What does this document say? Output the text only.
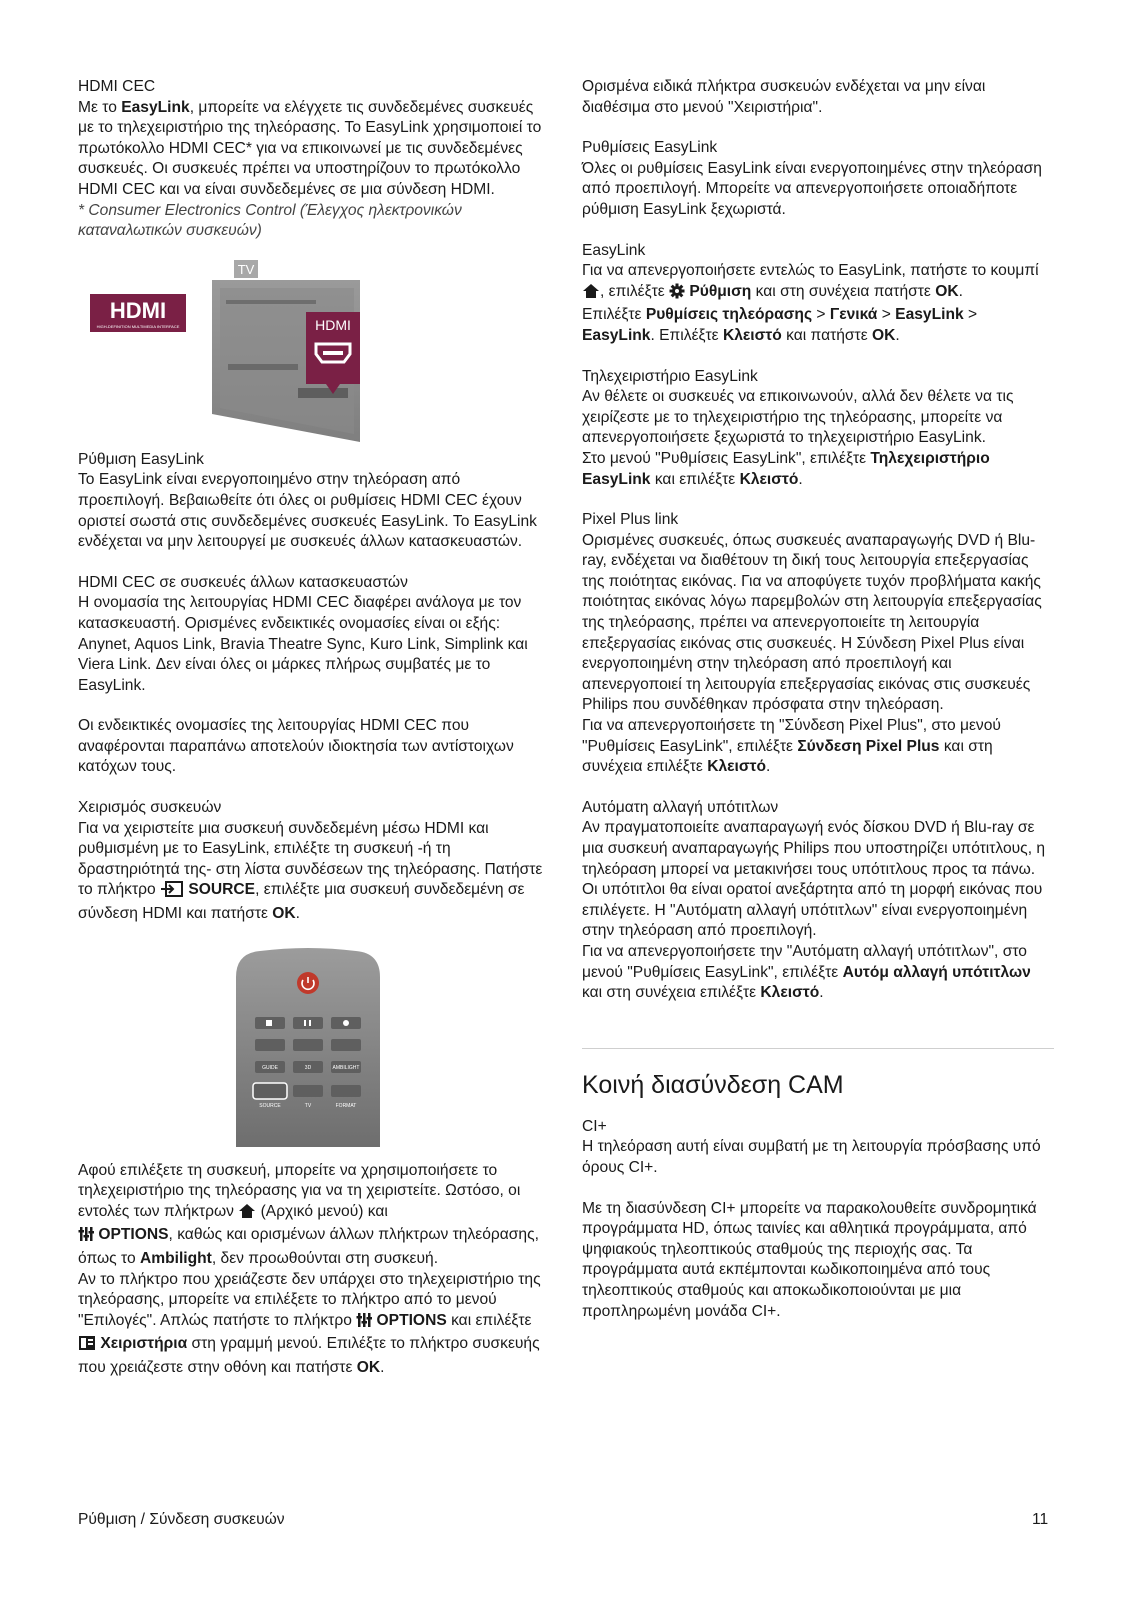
HDMI CEC

Με το EasyLink, μπορείτε να ελέγχετε τις συνδεδεμένες συσκευές με το τηλεχειριστήριο της τηλεόρασης. Το EasyLink χρησιμοποιεί το πρωτόκολλο HDMI CEC* για να επικοινωνεί με τις συνδεδεμένες συσκευές. Οι συσκευές πρέπει να υποστηρίζουν το πρωτόκολλο HDMI CEC και να είναι συνδεδεμένες σε μια σύνδεση HDMI.

* Consumer Electronics Control (Έλεγχος ηλεκτρονικών καταναλωτικών συσκευών)

HDMI
HIGH-DEFINITION MULTIMEDIA INTERFACE
TV
HDMI

Ρύθμιση EasyLink

Το EasyLink είναι ενεργοποιημένο στην τηλεόραση από προεπιλογή. Βεβαιωθείτε ότι όλες οι ρυθμίσεις HDMI CEC έχουν οριστεί σωστά στις συνδεδεμένες συσκευές EasyLink. Το EasyLink ενδέχεται να μην λειτουργεί με συσκευές άλλων κατασκευαστών.

HDMI CEC σε συσκευές άλλων κατασκευαστών

Η ονομασία της λειτουργίας HDMI CEC διαφέρει ανάλογα με τον κατασκευαστή. Ορισμένες ενδεικτικές ονομασίες είναι οι εξής: Anynet, Aquos Link, Bravia Theatre Sync, Kuro Link, Simplink και Viera Link. Δεν είναι όλες οι μάρκες πλήρως συμβατές με το EasyLink.

Οι ενδεικτικές ονομασίες της λειτουργίας HDMI CEC που αναφέρονται παραπάνω αποτελούν ιδιοκτησία των αντίστοιχων κατόχων τους.

Χειρισμός συσκευών

Για να χειριστείτε μια συσκευή συνδεδεμένη μέσω HDMI και ρυθμισμένη με το EasyLink, επιλέξτε τη συσκευή -ή τη δραστηριότητά της- στη λίστα συνδέσεων της τηλεόρασης. Πατήστε το πλήκτρο  SOURCE, επιλέξτε μια συσκευή συνδεδεμένη σε σύνδεση HDMI και πατήστε OK.

GUIDE	3D	AMBILIGHT
SOURCE	TV	FORMAT

Αφού επιλέξετε τη συσκευή, μπορείτε να χρησιμοποιήσετε το τηλεχειριστήριο της τηλεόρασης για να τη χειριστείτε. Ωστόσο, οι εντολές των πλήκτρων  (Αρχικό μενού) και
OPTIONS, καθώς και ορισμένων άλλων πλήκτρων τηλεόρασης, όπως το Ambilight, δεν προωθούνται στη συσκευή.

Αν το πλήκτρο που χρειάζεστε δεν υπάρχει στο τηλεχειριστήριο της τηλεόρασης, μπορείτε να επιλέξετε το πλήκτρο από το μενού "Επιλογές". Απλώς πατήστε το πλήκτρο  OPTIONS και επιλέξτε  Χειριστήρια στη γραμμή μενού. Επιλέξτε το πλήκτρο συσκευής που χρειάζεστε στην οθόνη και πατήστε OK.

Ορισμένα ειδικά πλήκτρα συσκευών ενδέχεται να μην είναι διαθέσιμα στο μενού "Χειριστήρια".

Ρυθμίσεις EasyLink

Όλες οι ρυθμίσεις EasyLink είναι ενεργοποιημένες στην τηλεόραση από προεπιλογή. Μπορείτε να απενεργοποιήσετε οποιαδήποτε ρύθμιση EasyLink ξεχωριστά.

EasyLink

Για να απενεργοποιήσετε εντελώς το EasyLink, πατήστε το κουμπί , επιλέξτε  Ρύθμιση και στη συνέχεια πατήστε OK.

Επιλέξτε Ρυθμίσεις τηλεόρασης > Γενικά > EasyLink > EasyLink. Επιλέξτε Κλειστό και πατήστε OK.

Τηλεχειριστήριο EasyLink

Αν θέλετε οι συσκευές να επικοινωνούν, αλλά δεν θέλετε να τις χειρίζεστε με το τηλεχειριστήριο της τηλεόρασης, μπορείτε να απενεργοποιήσετε ξεχωριστά το τηλεχειριστήριο EasyLink.

Στο μενού "Ρυθμίσεις EasyLink", επιλέξτε Τηλεχειριστήριο EasyLink και επιλέξτε Κλειστό.

Pixel Plus link

Ορισμένες συσκευές, όπως συσκευές αναπαραγωγής DVD ή Blu-ray, ενδέχεται να διαθέτουν τη δική τους λειτουργία επεξεργασίας της ποιότητας εικόνας. Για να αποφύγετε τυχόν προβλήματα κακής ποιότητας εικόνας λόγω παρεμβολών στη λειτουργία επεξεργασίας της τηλεόρασης, πρέπει να απενεργοποιείτε τη λειτουργία επεξεργασίας εικόνας στις συσκευές. Η Σύνδεση Pixel Plus είναι ενεργοποιημένη στην τηλεόραση από προεπιλογή και απενεργοποιεί τη λειτουργία επεξεργασίας εικόνας στις συσκευές Philips που συνδέθηκαν πρόσφατα στην τηλεόραση.

Για να απενεργοποιήσετε τη "Σύνδεση Pixel Plus", στο μενού "Ρυθμίσεις EasyLink", επιλέξτε Σύνδεση Pixel Plus και στη συνέχεια επιλέξτε Κλειστό.

Αυτόματη αλλαγή υπότιτλων

Αν πραγματοποιείτε αναπαραγωγή ενός δίσκου DVD ή Blu-ray σε μια συσκευή αναπαραγωγής Philips που υποστηρίζει υπότιτλους, η τηλεόραση μπορεί να μετακινήσει τους υπότιτλους προς τα πάνω. Οι υπότιτλοι θα είναι ορατοί ανεξάρτητα από τη μορφή εικόνας που επιλέγετε. Η "Αυτόματη αλλαγή υπότιτλων" είναι ενεργοποιημένη στην τηλεόραση από προεπιλογή.

Για να απενεργοποιήσετε την "Αυτόματη αλλαγή υπότιτλων", στο μενού "Ρυθμίσεις EasyLink", επιλέξτε Αυτόμ αλλαγή υπότιτλων και στη συνέχεια επιλέξτε Κλειστό.

Κοινή διασύνδεση CAM

CI+

Η τηλεόραση αυτή είναι συμβατή με τη λειτουργία πρόσβασης υπό όρους CI+.

Με τη διασύνδεση CI+ μπορείτε να παρακολουθείτε συνδρομητικά προγράμματα HD, όπως ταινίες και αθλητικά προγράμματα, από ψηφιακούς τηλεοπτικούς σταθμούς της περιοχής σας. Τα προγράμματα αυτά εκπέμπονται κωδικοποιημένα από τους τηλεοπτικούς σταθμούς και αποκωδικοποιούνται με μια προπληρωμένη μονάδα CI+.

Ρύθμιση / Σύνδεση συσκευών	11
